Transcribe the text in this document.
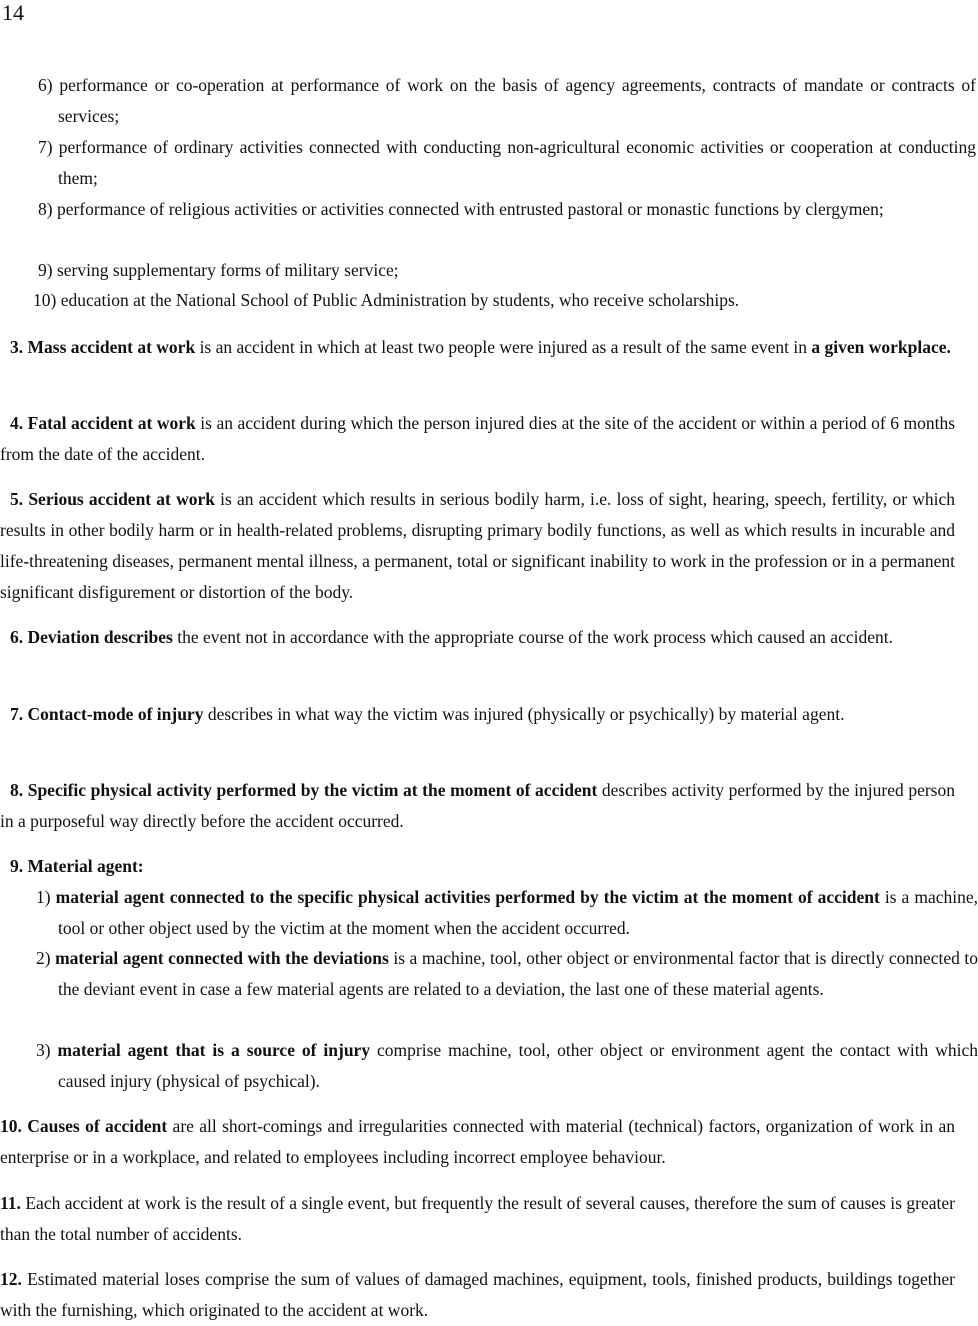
14

6) performance or co-operation at performance of work on the basis of agency agreements, contracts of mandate or contracts of services;

7) performance of ordinary activities connected with conducting non-agricultural economic activities or cooperation at conducting them;

8) performance of religious activities or activities connected with entrusted pastoral or monastic functions by clergymen;

9) serving supplementary forms of military service;

10) education at the National School of Public Administration by students, who receive scholarships.

3. Mass accident at work is an accident in which at least two people were injured as a result of the same event in a given workplace.

4. Fatal accident at work is an accident during which the person injured dies at the site of the accident or within a period of 6 months from the date of the accident.

5. Serious accident at work is an accident which results in serious bodily harm, i.e. loss of sight, hearing, speech, fertility, or which results in other bodily harm or in health-related problems, disrupting primary bodily functions, as well as which results in incurable and life-threatening diseases, permanent mental illness, a permanent, total or significant inability to work in the profession or in a permanent significant disfigurement or distortion of the body.

6. Deviation describes the event not in accordance with the appropriate course of the work process which caused an accident.

7. Contact-mode of injury describes in what way the victim was injured (physically or psychically) by material agent.

8. Specific physical activity performed by the victim at the moment of accident describes activity performed by the injured person in a purposeful way directly before the accident occurred.

9. Material agent:

1) material agent connected to the specific physical activities performed by the victim at the moment of accident is a machine, tool or other object used by the victim at the moment when the accident occurred.

2) material agent connected with the deviations is a machine, tool, other object or environmental factor that is directly connected to the deviant event in case a few material agents are related to a deviation, the last one of these material agents.

3) material agent that is a source of injury comprise machine, tool, other object or environment agent the contact with which caused injury (physical of psychical).

10. Causes of accident are all short-comings and irregularities connected with material (technical) factors, organization of work in an enterprise or in a workplace, and related to employees including incorrect employee behaviour.

11. Each accident at work is the result of a single event, but frequently the result of several causes, therefore the sum of causes is greater than the total number of accidents.

12. Estimated material loses comprise the sum of values of damaged machines, equipment, tools, finished products, buildings together with the furnishing, which originated to the accident at work.
